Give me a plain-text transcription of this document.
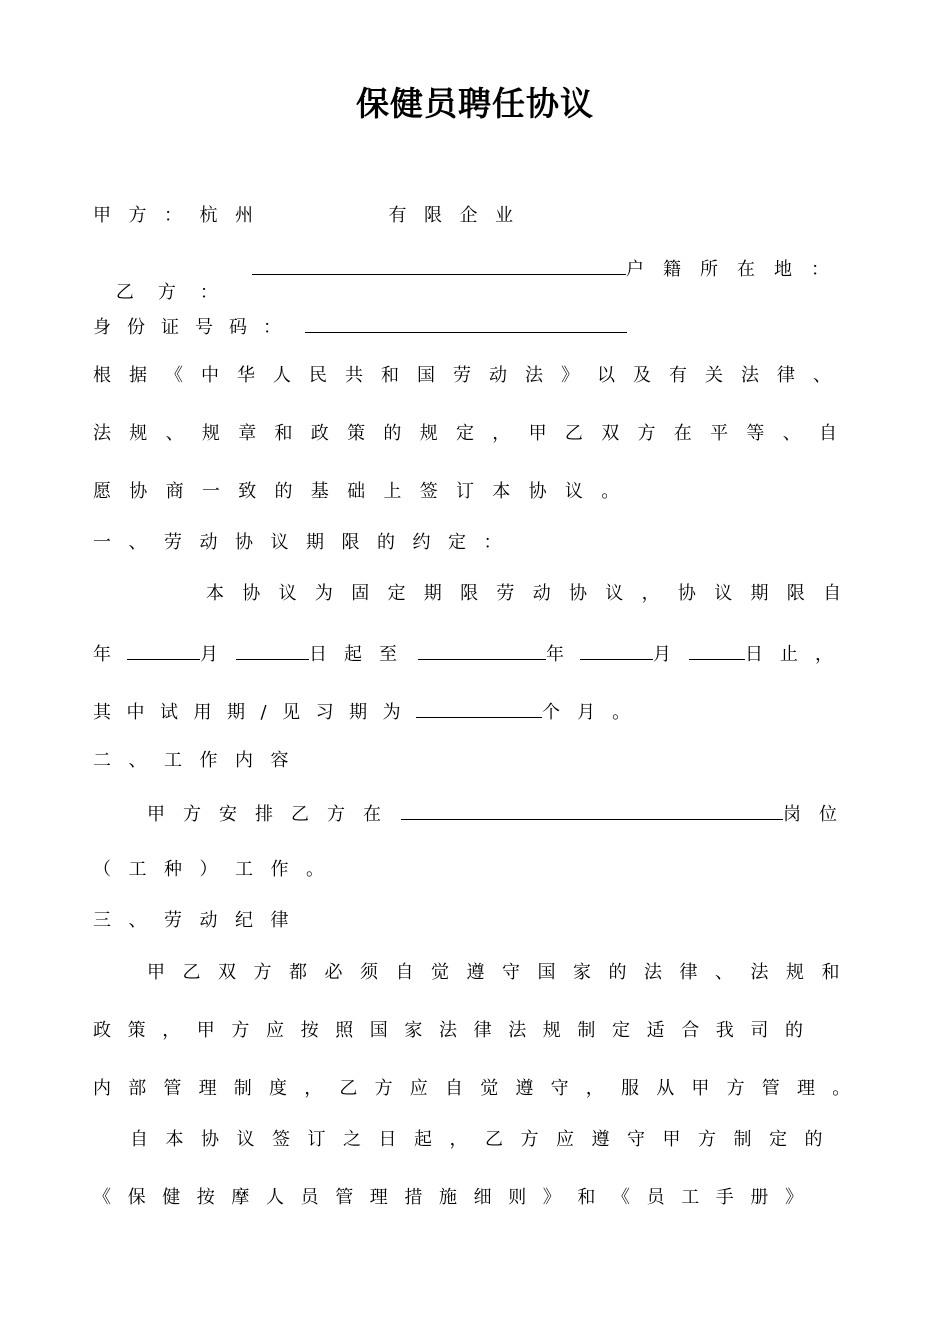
保健员聘任协议
甲方：杭州	有限企业

乙方：

户籍所在地：
身份证号码：
根据《中华人民共和国劳动法》以及有关法律、
法规、规章和政策的规定，甲乙双方在平等、自
愿协商一致的基础上签订本协议。
一、劳动协议期限的约定：
本协议为固定期限劳动协议，协议期限自
年	月	日起至	年	月	日止，
其中试用期/见习期为	个月。
二、工作内容
甲方安排乙方在	岗位
（工种）工作。
三、劳动纪律
甲乙双方都必须自觉遵守国家的法律、法规和
政策，甲方应按照国家法律法规制定适合我司的
内部管理制度，乙方应自觉遵守，服从甲方管理。
自本协议签订之日起，乙方应遵守甲方制定的
《保健按摩人员管理措施细则》和《员工手册》
